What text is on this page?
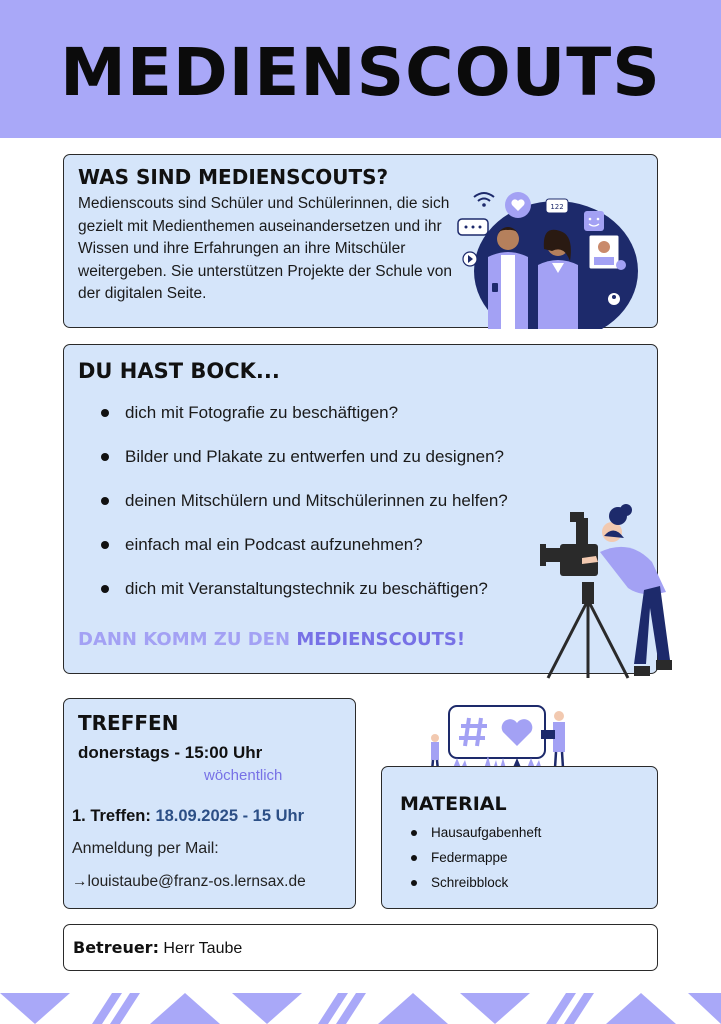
MEDIENSCOUTS
WAS SIND MEDIENSCOUTS?

Medienscouts sind Schüler und Schülerinnen, die sich gezielt mit Medienthemen auseinandersetzen und ihr Wissen und ihre Erfahrungen an ihre Mitschüler weitergeben. Sie unterstützen Projekte der Schule von der digitalen Seite.

122
DU HAST BOCK...
dich mit Fotografie zu beschäftigen?
Bilder und Plakate zu entwerfen und zu designen?
deinen Mitschülern und Mitschülerinnen zu helfen?
einfach mal ein Podcast aufzunehmen?
dich mit Veranstaltungstechnik zu beschäftigen?
DANN KOMM ZU DEN MEDIENSCOUTS!
TREFFEN
donerstags - 15:00 Uhr
wöchentlich
1. Treffen: 18.09.2025 - 15 Uhr
Anmeldung per Mail:
→louistaube@franz-os.lernsax.de
MATERIAL
Hausaufgabenheft
Federmappe
Schreibblock
Betreuer: Herr Taube
